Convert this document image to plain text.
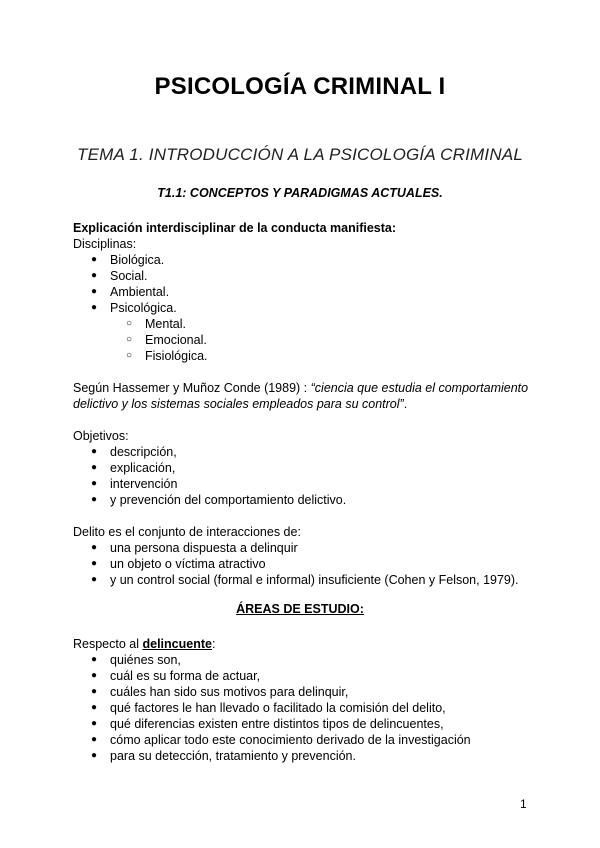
PSICOLOGÍA CRIMINAL I
TEMA 1. INTRODUCCIÓN A LA PSICOLOGÍA CRIMINAL
T1.1: CONCEPTOS Y PARADIGMAS ACTUALES.
Explicación interdisciplinar de la conducta manifiesta:
Disciplinas:
● Biológica.
● Social.
● Ambiental.
● Psicológica.
○ Mental.
○ Emocional.
○ Fisiológica.
Según Hassemer y Muñoz Conde (1989) : “ciencia que estudia el comportamiento
delictivo y los sistemas sociales empleados para su control”.
Objetivos:
● descripción,
● explicación,
● intervención
● y prevención del comportamiento delictivo.
Delito es el conjunto de interacciones de:
● una persona dispuesta a delinquir
● un objeto o víctima atractivo
● y un control social (formal e informal) insuficiente (Cohen y Felson, 1979).
ÁREAS DE ESTUDIO:
Respecto al delincuente:
● quiénes son,
● cuál es su forma de actuar,
● cuáles han sido sus motivos para delinquir,
● qué factores le han llevado o facilitado la comisión del delito,
● qué diferencias existen entre distintos tipos de delincuentes,
● cómo aplicar todo este conocimiento derivado de la investigación
● para su detección, tratamiento y prevención.
1
